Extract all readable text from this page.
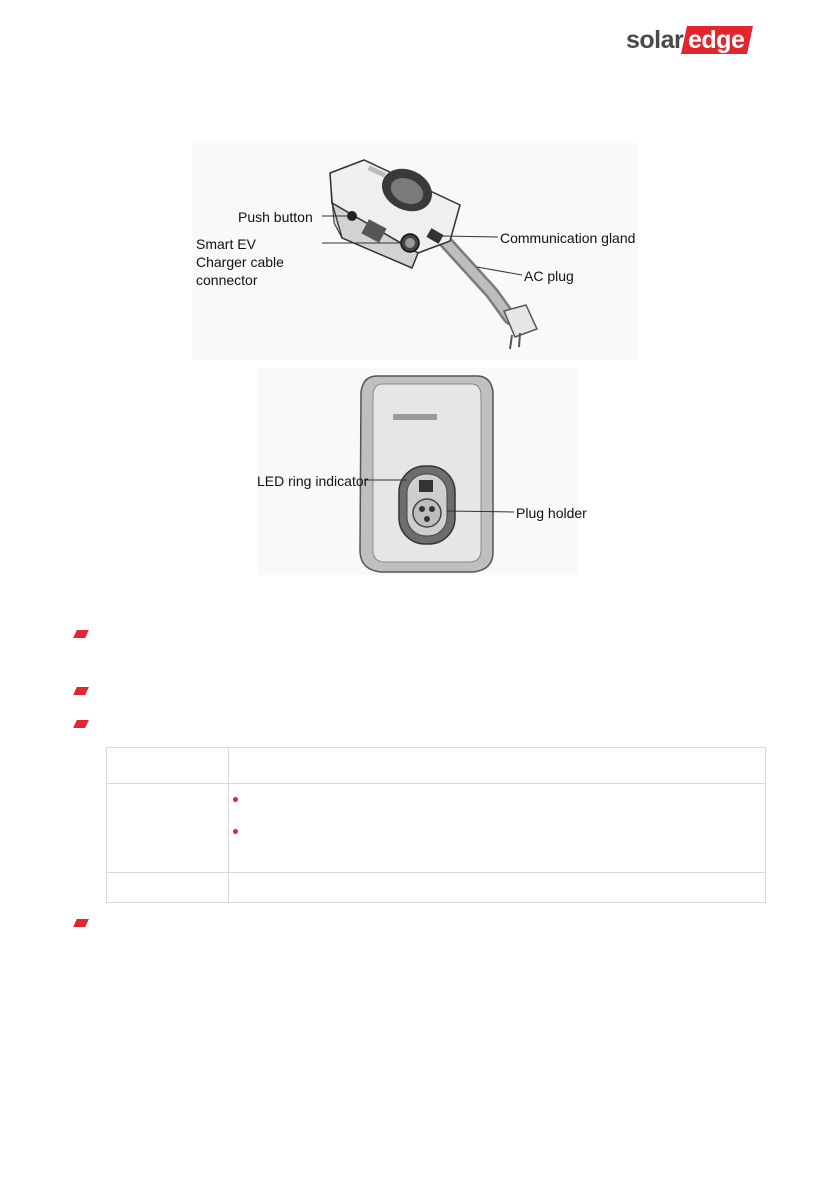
solar edge
Push button
Smart EV
Charger cable
connector
Communication gland
AC plug
LED ring indicator
Plug holder
